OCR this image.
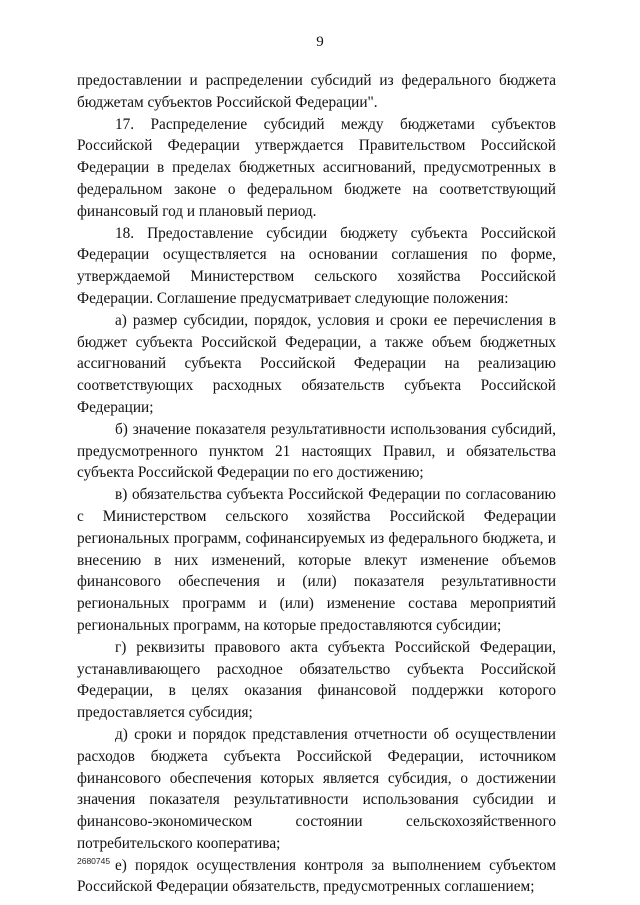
9

предоставлении и распределении субсидий из федерального бюджета бюджетам субъектов Российской Федерации".

17. Распределение субсидий между бюджетами субъектов Российской Федерации утверждается Правительством Российской Федерации в пределах бюджетных ассигнований, предусмотренных в федеральном законе о федеральном бюджете на соответствующий финансовый год и плановый период.

18. Предоставление субсидии бюджету субъекта Российской Федерации осуществляется на основании соглашения по форме, утверждаемой Министерством сельского хозяйства Российской Федерации. Соглашение предусматривает следующие положения:

а) размер субсидии, порядок, условия и сроки ее перечисления в бюджет субъекта Российской Федерации, а также объем бюджетных ассигнований субъекта Российской Федерации на реализацию соответствующих расходных обязательств субъекта Российской Федерации;

б) значение показателя результативности использования субсидий, предусмотренного пунктом 21 настоящих Правил, и обязательства субъекта Российской Федерации по его достижению;

в) обязательства субъекта Российской Федерации по согласованию с Министерством сельского хозяйства Российской Федерации региональных программ, софинансируемых из федерального бюджета, и внесению в них изменений, которые влекут изменение объемов финансового обеспечения и (или) показателя результативности региональных программ и (или) изменение состава мероприятий региональных программ, на которые предоставляются субсидии;

г) реквизиты правового акта субъекта Российской Федерации, устанавливающего расходное обязательство субъекта Российской Федерации, в целях оказания финансовой поддержки которого предоставляется субсидия;

д) сроки и порядок представления отчетности об осуществлении расходов бюджета субъекта Российской Федерации, источником финансового обеспечения которых является субсидия, о достижении значения показателя результативности использования субсидии и финансово-экономическом состоянии сельскохозяйственного потребительского кооператива;

е) порядок осуществления контроля за выполнением субъектом Российской Федерации обязательств, предусмотренных соглашением;

2680745
